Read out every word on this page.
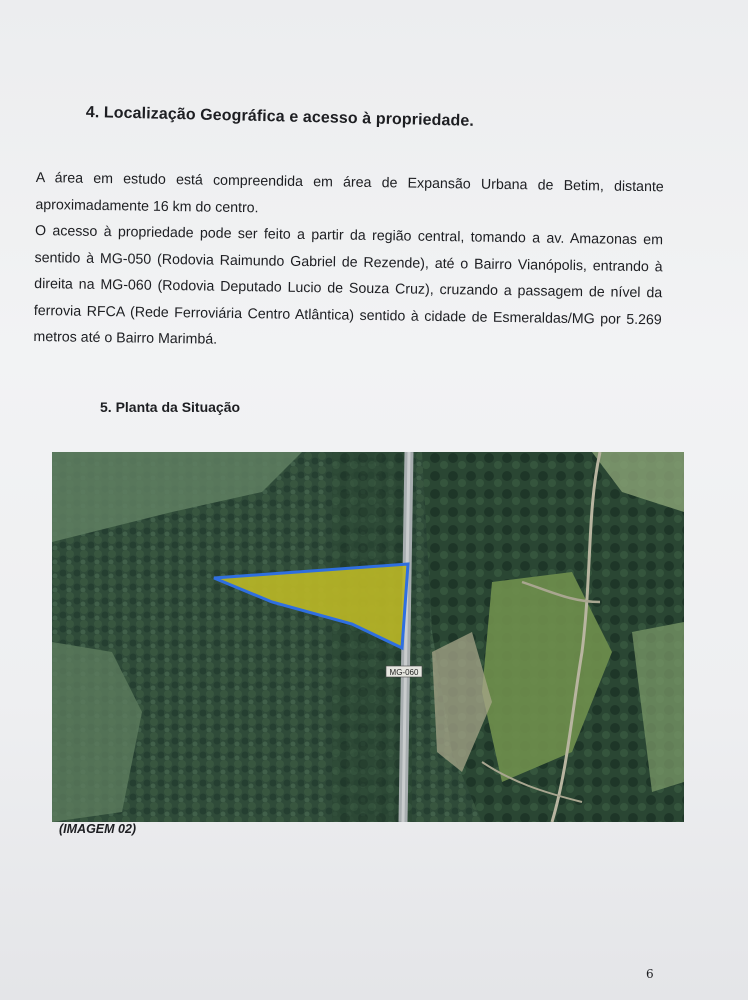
4. Localização Geográfica e acesso à propriedade.

A área em estudo está compreendida em área de Expansão Urbana de Betim, distante aproximadamente 16 km do centro.

O acesso à propriedade pode ser feito a partir da região central, tomando a av. Amazonas em sentido à MG-050 (Rodovia Raimundo Gabriel de Rezende), até o Bairro Vianópolis, entrando à direita na MG-060 (Rodovia Deputado Lucio de Souza Cruz), cruzando a passagem de nível da ferrovia RFCA (Rede Ferroviária Centro Atlântica) sentido à cidade de Esmeraldas/MG por 5.269 metros até o Bairro Marimbá.

5. Planta da Situação
MG-060
(IMAGEM 02)
6
